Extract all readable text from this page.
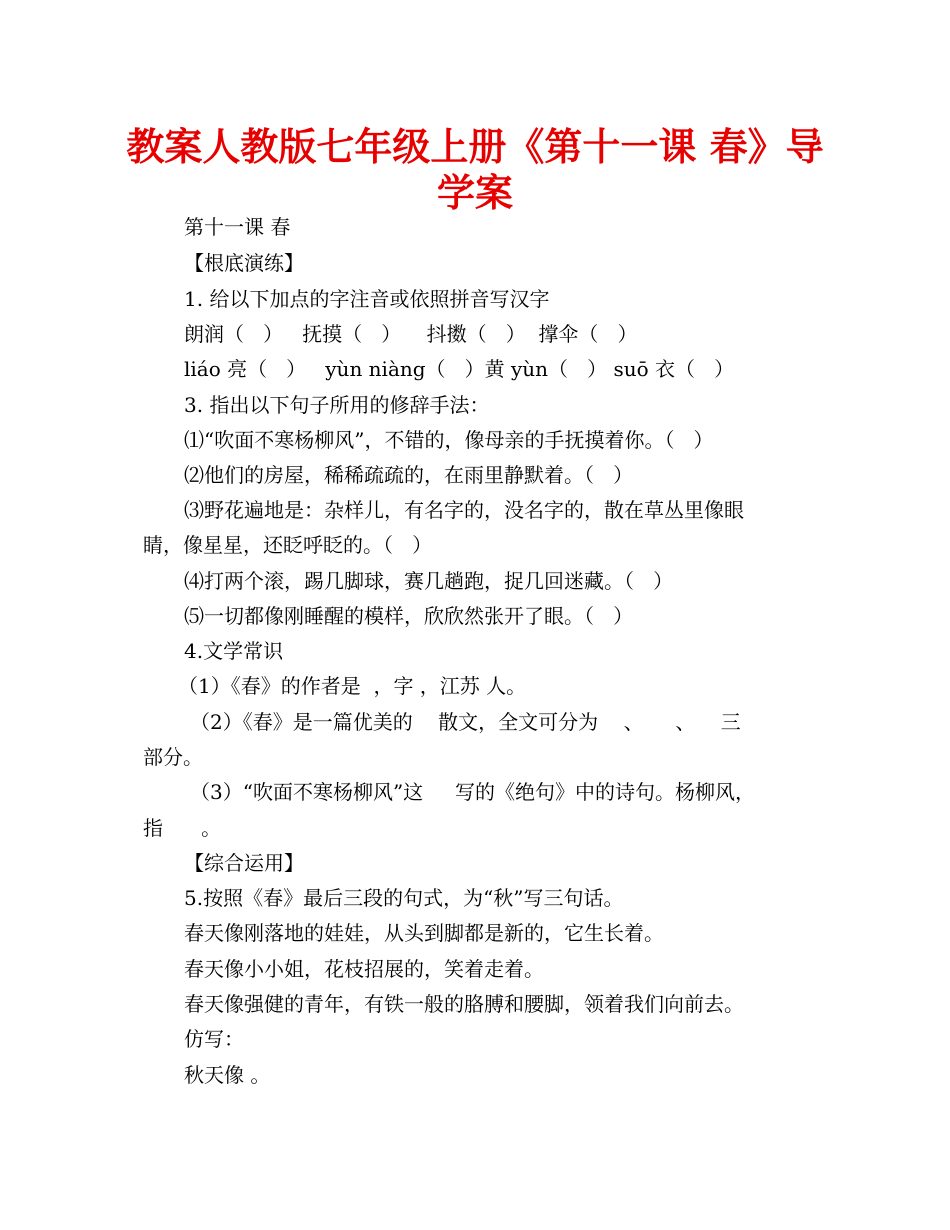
教案人教版七年级上册《第十一课 春》导
学案
第十一课 春
【根底演练】
1. 给以下加点的字注音或依照拼音写汉字
朗润（   ）   抚摸（   ）    抖擞（   ）  撑伞（   ）
liáo 亮（   ）   yùn niàng（   ）黄 yùn（   ） suō 衣（   ）
3. 指出以下句子所用的修辞手法：
⑴“吹面不寒杨柳风”，不错的，像母亲的手抚摸着你。（   ）
⑵他们的房屋，稀稀疏疏的，在雨里静默着。（   ）
⑶野花遍地是：杂样儿，有名字的，没名字的，散在草丛里像眼
睛，像星星，还眨呼眨的。（   ）
⑷打两个滚，踢几脚球，赛几趟跑，捉几回迷藏。（   ）
⑸一切都像刚睡醒的模样，欣欣然张开了眼。（   ）
4.文学常识
（1）《春》的作者是  ，字 ，江苏 人。
（2）《春》是一篇优美的    散文，全文可分为    、     、    三
部分。
（3）“吹面不寒杨柳风”这     写的《绝句》中的诗句。杨柳风，
指      。
【综合运用】
5.按照《春》最后三段的句式，为“秋”写三句话。
春天像刚落地的娃娃，从头到脚都是新的，它生长着。
春天像小小姐，花枝招展的，笑着走着。
春天像强健的青年，有铁一般的胳膊和腰脚，领着我们向前去。
仿写：
秋天像 。
